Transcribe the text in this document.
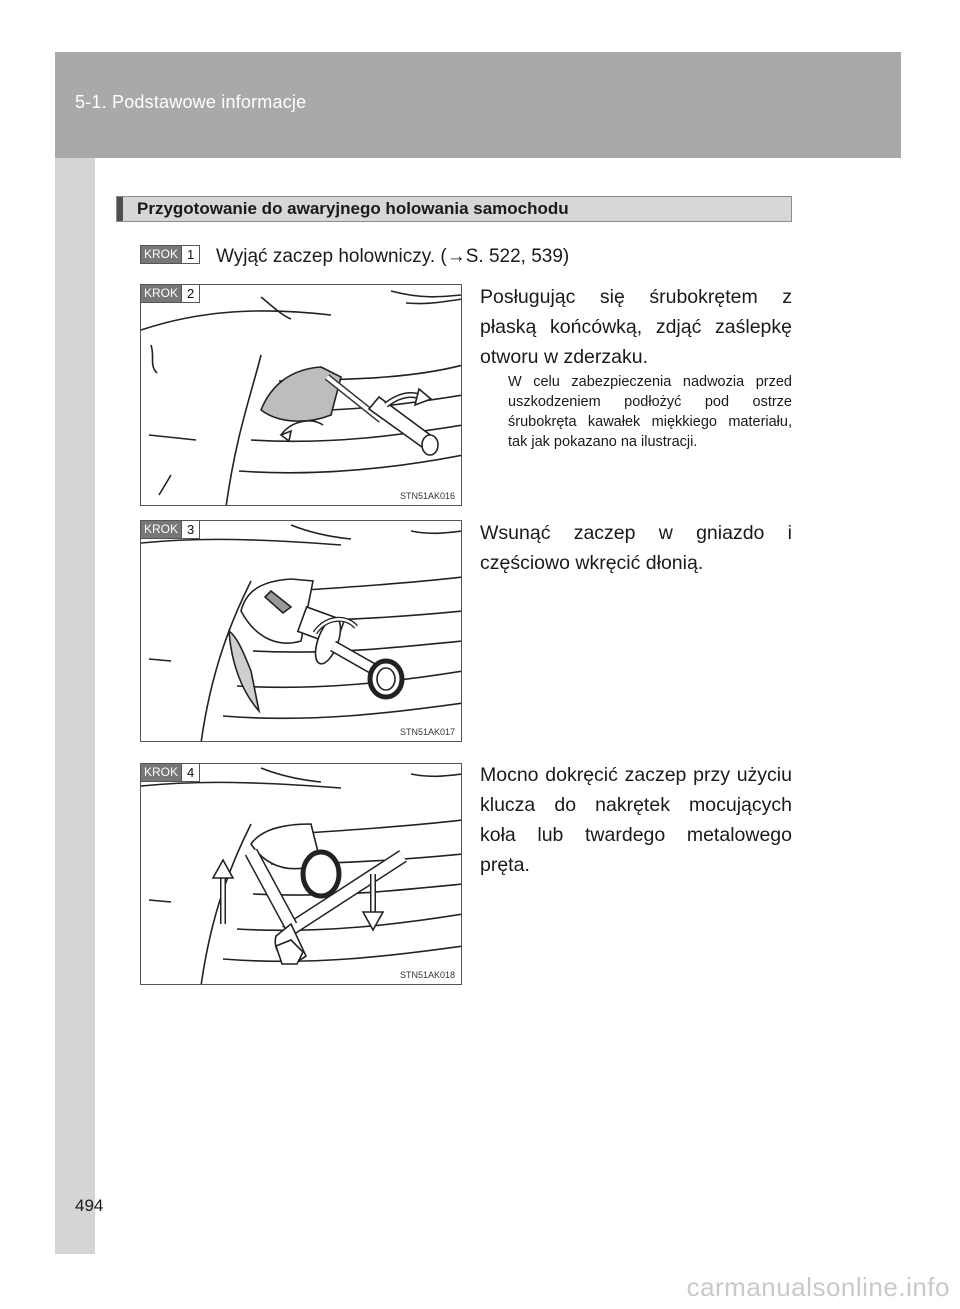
5-1. Podstawowe informacje
Przygotowanie do awaryjnego holowania samochodu
KROK 1 Wyjąć zaczep holowniczy. (→S. 522, 539)
KROK 2
STN51AK016
Posługując się śrubokrętem z płaską końcówką, zdjąć zaślepkę otworu w zderzaku.
W celu zabezpieczenia nadwozia przed uszkodzeniem podłożyć pod ostrze śrubokręta kawałek miękkiego materiału, tak jak pokazano na ilustracji.
KROK 3
STN51AK017
Wsunąć zaczep w gniazdo i częściowo wkręcić dłonią.
KROK 4
STN51AK018
Mocno dokręcić zaczep przy użyciu klucza do nakrętek mocujących koła lub twardego metalowego pręta.
494
carmanualsonline.info
